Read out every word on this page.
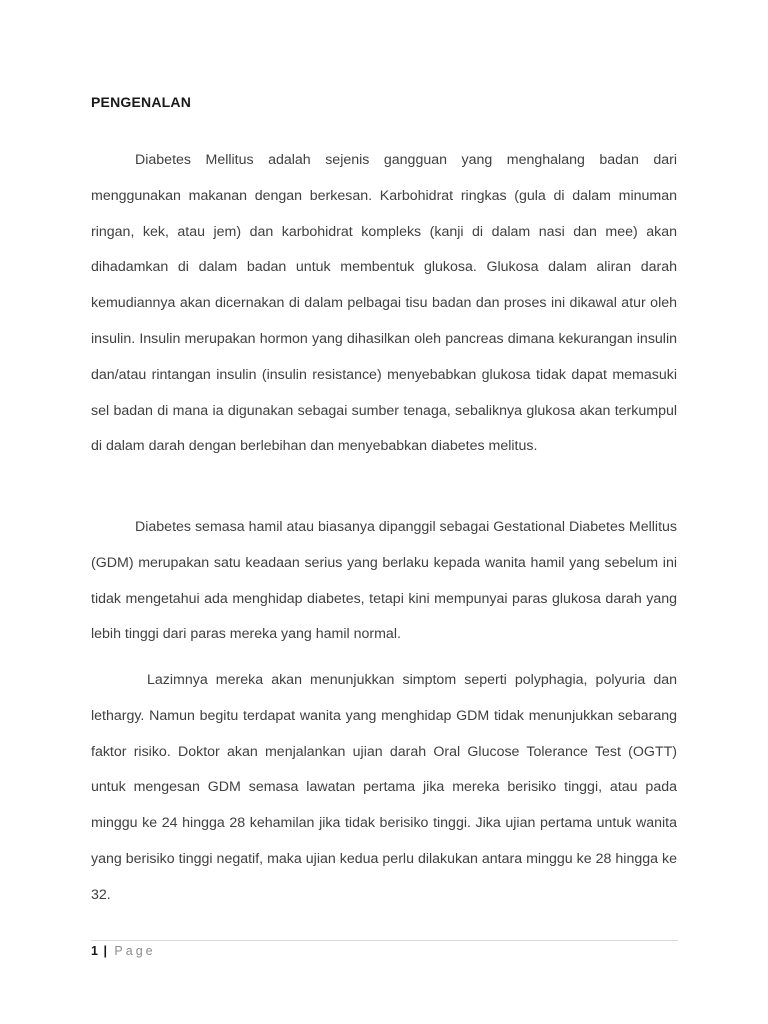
PENGENALAN

Diabetes Mellitus adalah sejenis gangguan yang menghalang badan dari menggunakan makanan dengan berkesan. Karbohidrat ringkas (gula di dalam minuman ringan, kek, atau jem) dan karbohidrat kompleks (kanji di dalam nasi dan mee) akan dihadamkan di dalam badan untuk membentuk glukosa. Glukosa dalam aliran darah kemudiannya akan dicernakan di dalam pelbagai tisu badan dan proses ini dikawal atur oleh insulin. Insulin merupakan hormon yang dihasilkan oleh pancreas dimana kekurangan insulin dan/atau rintangan insulin (insulin resistance) menyebabkan glukosa tidak dapat memasuki sel badan di mana ia digunakan sebagai sumber tenaga, sebaliknya glukosa akan terkumpul di dalam darah dengan berlebihan dan menyebabkan diabetes melitus.

Diabetes semasa hamil atau biasanya dipanggil sebagai Gestational Diabetes Mellitus (GDM) merupakan satu keadaan serius yang berlaku kepada wanita hamil yang sebelum ini tidak mengetahui ada menghidap diabetes, tetapi kini mempunyai paras glukosa darah yang lebih tinggi dari paras mereka yang hamil normal.

Lazimnya mereka akan menunjukkan simptom seperti polyphagia, polyuria dan lethargy. Namun begitu terdapat wanita yang menghidap GDM tidak menunjukkan sebarang faktor risiko. Doktor akan menjalankan ujian darah Oral Glucose Tolerance Test (OGTT) untuk mengesan GDM semasa lawatan pertama jika mereka berisiko tinggi, atau pada minggu ke 24 hingga 28 kehamilan jika tidak berisiko tinggi. Jika ujian pertama untuk wanita yang berisiko tinggi negatif, maka ujian kedua perlu dilakukan antara minggu ke 28 hingga ke 32.

1 | Page
